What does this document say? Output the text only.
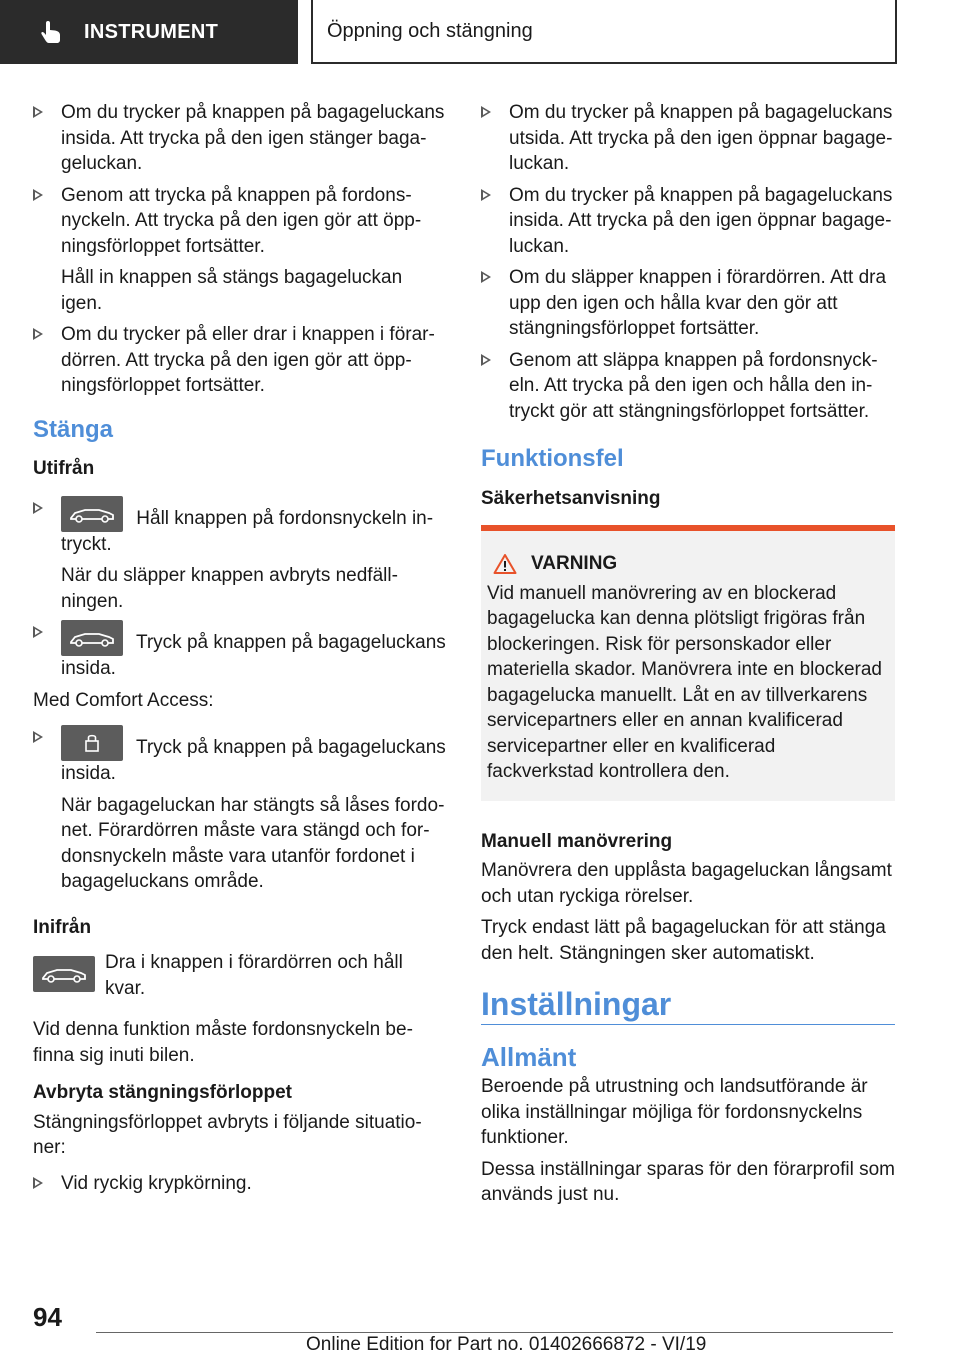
INSTRUMENT	Öppning och stängning
Om du trycker på knappen på bagageluckans insida. Att trycka på den igen stänger bagageluckan.
Genom att trycka på knappen på fordonsnyckeln. Att trycka på den igen gör att öppningsförloppet fortsätter.
Håll in knappen så stängs bagageluckan igen.
Om du trycker på eller drar i knappen i förardörren. Att trycka på den igen gör att öppningsförloppet fortsätter.
Stänga
Utifrån
Håll knappen på fordonsnyckeln intryckt.
När du släpper knappen avbryts nedfällningen.
Tryck på knappen på bagageluckans insida.

Med Comfort Access:

Tryck på knappen på bagageluckans insida.
När bagageluckan har stängts så låses fordonet. Förardörren måste vara stängd och fordonsnyckeln måste vara utanför fordonet i bagageluckans område.
Inifrån
Dra i knappen i förardörren och håll kvar.

Vid denna funktion måste fordonsnyckeln befinna sig inuti bilen.

Avbryta stängningsförloppet

Stängningsförloppet avbryts i följande situationer:

Vid ryckig krypkörning.
Om du trycker på knappen på bagageluckans utsida. Att trycka på den igen öppnar bagageluckan.
Om du trycker på knappen på bagageluckans insida. Att trycka på den igen öppnar bagageluckan.
Om du släpper knappen i förardörren. Att dra upp den igen och hålla kvar den gör att stängningsförloppet fortsätter.
Genom att släppa knappen på fordonsnyckeln. Att trycka på den igen och hålla den intryckt gör att stängningsförloppet fortsätter.
Funktionsfel
Säkerhetsanvisning
VARNING
Vid manuell manövrering av en blockerad bagagelucka kan denna plötsligt frigöras från blockeringen. Risk för personskador eller materiella skador. Manövrera inte en blockerad bagagelucka manuellt. Låt en av tillverkarens servicepartners eller en annan kvalificerad servicepartner eller en kvalificerad fackverkstad kontrollera den.
Manuell manövrering

Manövrera den upplåsta bagageluckan långsamt och utan ryckiga rörelser.

Tryck endast lätt på bagageluckan för att stänga den helt. Stängningen sker automatiskt.

Inställningar
Allmänt

Beroende på utrustning och landsutförande är olika inställningar möjliga för fordonsnyckelns funktioner.

Dessa inställningar sparas för den förarprofil som används just nu.

94
Online Edition for Part no. 01402666872 - VI/19
